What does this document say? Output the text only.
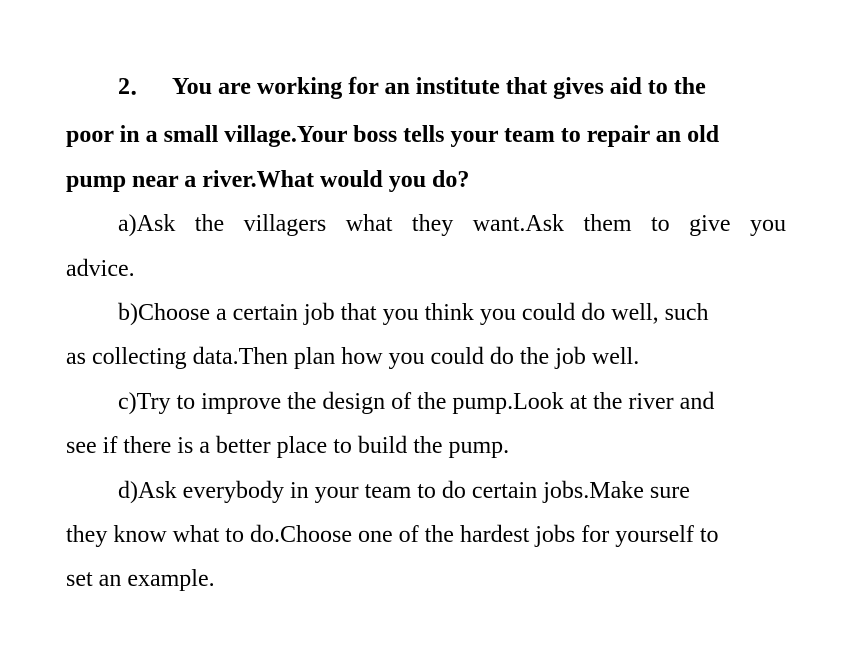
2． You are working for an institute that gives aid to the
poor in a small village.Your boss tells your team to repair an old
pump near a river.What would you do?
a)Ask the villagers what they want.Ask them to give you
advice.
b)Choose a certain job that you think you could do well, such
as collecting data.Then plan how you could do the job well.
c)Try to improve the design of the pump.Look at the river and
see if there is a better place to build the pump.
d)Ask everybody in your team to do certain jobs.Make sure
they know what to do.Choose one of the hardest jobs for yourself to
set an example.
